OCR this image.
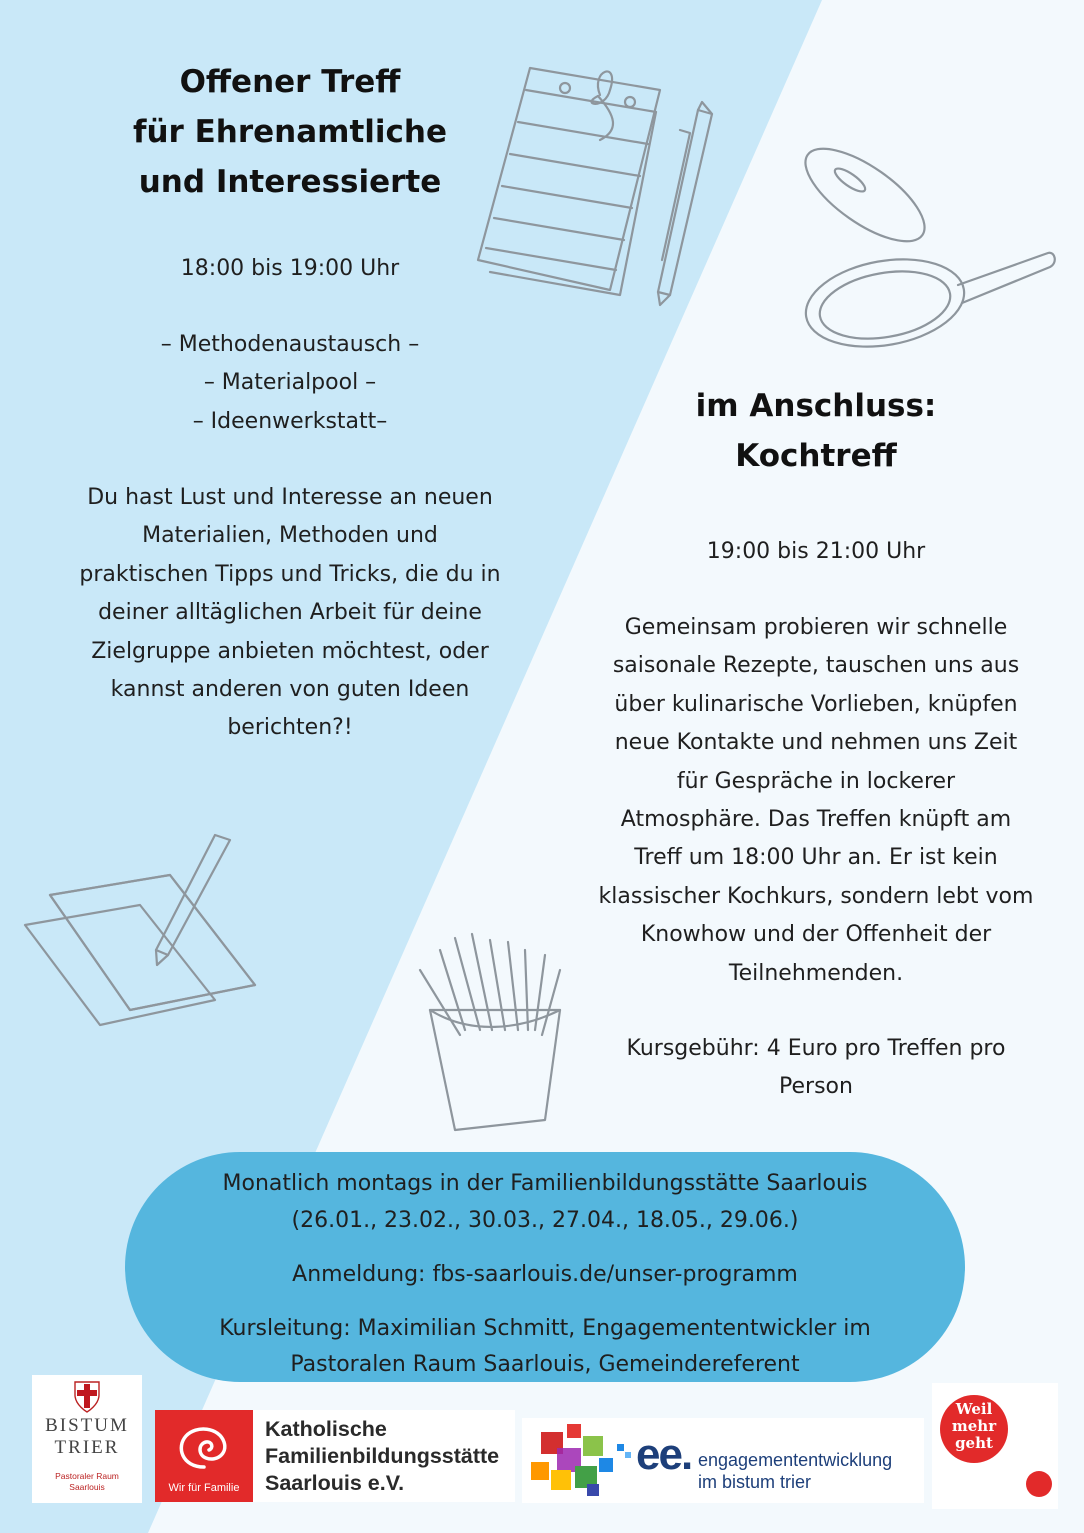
Offener Treff
für Ehrenamtliche
und Interessierte
18:00 bis 19:00 Uhr
– Methodenaustausch –
– Materialpool –
– Ideenwerkstatt–
Du hast Lust und Interesse an neuen
Materialien, Methoden und
praktischen Tipps und Tricks, die du in
deiner alltäglichen Arbeit für deine
Zielgruppe anbieten möchtest, oder
kannst anderen von guten Ideen
berichten?!
im Anschluss:
Kochtreff
19:00 bis 21:00 Uhr
Gemeinsam probieren wir schnelle
saisonale Rezepte, tauschen uns aus
über kulinarische Vorlieben, knüpfen
neue Kontakte und nehmen uns Zeit
für Gespräche in lockerer
Atmosphäre. Das Treffen knüpft am
Treff um 18:00 Uhr an. Er ist kein
klassischer Kochkurs, sondern lebt vom
Knowhow und der Offenheit der
Teilnehmenden.
Kursgebühr: 4 Euro pro Treffen pro
Person
Monatlich montags in der Familienbildungsstätte Saarlouis
(26.01., 23.02., 30.03., 27.04., 18.05., 29.06.)
Anmeldung: fbs-saarlouis.de/unser-programm
Kursleitung: Maximilian Schmitt, Engagemententwickler im
Pastoralen Raum Saarlouis, Gemeindereferent
BISTUM
TRIER
Pastoraler Raum
Saarlouis	Wir für Familie
Katholische
Familienbildungsstätte
Saarlouis e.V.
ee. engagemententwicklung
im bistum trier
Weil
mehr
geht
